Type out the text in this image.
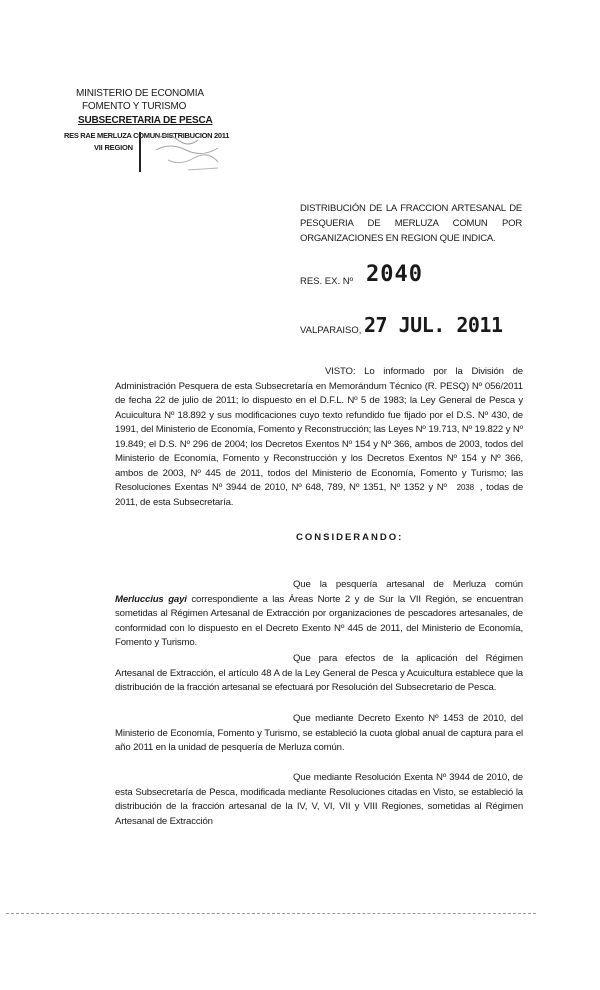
MINISTERIO DE ECONOMIA
FOMENTO Y TURISMO
SUBSECRETARIA DE PESCA
RES RAE MERLUZA COMUN DISTRIBUCION 2011
VII REGION
DISTRIBUCIÓN DE LA FRACCION ARTESANAL DE PESQUERIA DE MERLUZA COMUN POR ORGANIZACIONES EN REGION QUE INDICA.
RES. EX. Nº 2040
VALPARAISO, 27 JUL. 2011
VISTO: Lo informado por la División de Administración Pesquera de esta Subsecretaría en Memorándum Técnico (R. PESQ) Nº 056/2011 de fecha 22 de julio de 2011; lo dispuesto en el D.F.L. Nº 5 de 1983; la Ley General de Pesca y Acuicultura Nº 18.892 y sus modificaciones cuyo texto refundido fue fijado por el D.S. Nº 430, de 1991, del Ministerio de Economía, Fomento y Reconstrucción; las Leyes Nº 19.713, Nº 19.822 y Nº 19.849; el D.S. Nº 296 de 2004; los Decretos Exentos Nº 154 y Nº 366, ambos de 2003, todos del Ministerio de Economía, Fomento y Reconstrucción y los Decretos Exentos Nº 154 y Nº 366, ambos de 2003, Nº 445 de 2011, todos del Ministerio de Economía, Fomento y Turismo; las Resoluciones Exentas Nº 3944 de 2010, Nº 648, 789, Nº 1351, Nº 1352 y Nº 2038 , todas de 2011, de esta Subsecretaría.
CONSIDERANDO:
Que la pesquería artesanal de Merluza común Merluccius gayi correspondiente a las Áreas Norte 2 y de Sur la VII Región, se encuentran sometidas al Régimen Artesanal de Extracción por organizaciones de pescadores artesanales, de conformidad con lo dispuesto en el Decreto Exento Nº 445 de 2011, del Ministerio de Economía, Fomento y Turismo.
Que para efectos de la aplicación del Régimen Artesanal de Extracción, el artículo 48 A de la Ley General de Pesca y Acuicultura establece que la distribución de la fracción artesanal se efectuará por Resolución del Subsecretario de Pesca.
Que mediante Decreto Exento Nº 1453 de 2010, del Ministerio de Economía, Fomento y Turismo, se estableció la cuota global anual de captura para el año 2011 en la unidad de pesquería de Merluza común.
Que mediante Resolución Exenta Nº 3944 de 2010, de esta Subsecretaría de Pesca, modificada mediante Resoluciones citadas en Visto, se estableció la distribución de la fracción artesanal de la IV, V, VI, VII y VIII Regiones, sometidas al Régimen Artesanal de Extracción
